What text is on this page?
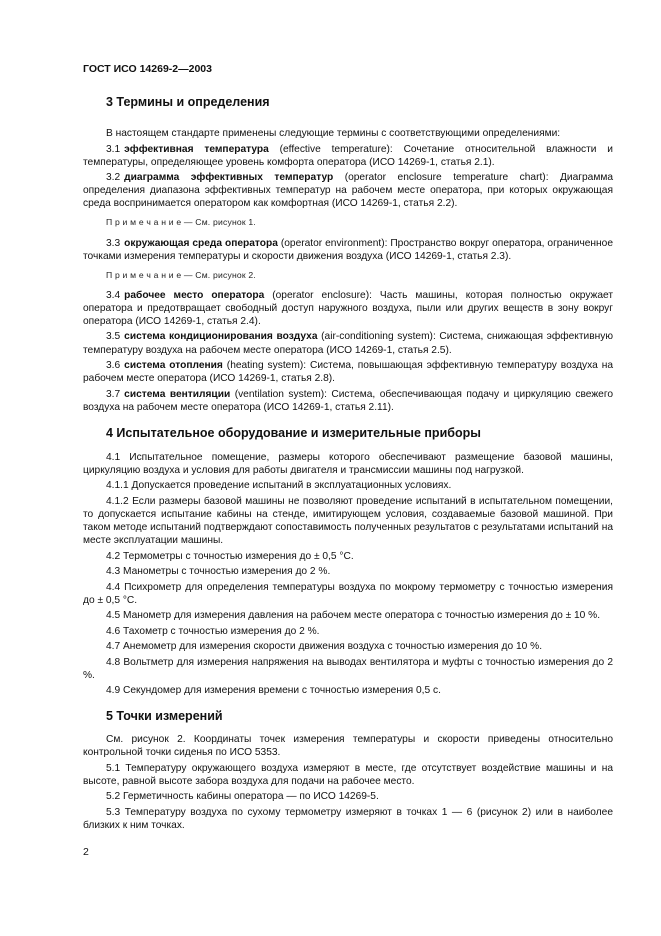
ГОСТ ИСО 14269-2—2003
3 Термины и определения

В настоящем стандарте применены следующие термины с соответствующими определениями:

3.1 эффективная температура (effective temperature): Сочетание относительной влажности и температуры, определяющее уровень комфорта оператора (ИСО 14269-1, статья 2.1).

3.2 диаграмма эффективных температур (operator enclosure temperature chart): Диаграмма определения диапазона эффективных температур на рабочем месте оператора, при которых окружающая среда воспринимается оператором как комфортная (ИСО 14269-1, статья 2.2).

П р и м е ч а н и е — См. рисунок 1.

3.3 окружающая среда оператора (operator environment): Пространство вокруг оператора, ограниченное точками измерения температуры и скорости движения воздуха (ИСО 14269-1, статья 2.3).

П р и м е ч а н и е — См. рисунок 2.

3.4 рабочее место оператора (operator enclosure): Часть машины, которая полностью окружает оператора и предотвращает свободный доступ наружного воздуха, пыли или других веществ в зону вокруг оператора (ИСО 14269-1, статья 2.4).

3.5 система кондиционирования воздуха (air-conditioning system): Система, снижающая эффективную температуру воздуха на рабочем месте оператора (ИСО 14269-1, статья 2.5).

3.6 система отопления (heating system): Система, повышающая эффективную температуру воздуха на рабочем месте оператора (ИСО 14269-1, статья 2.8).

3.7 система вентиляции (ventilation system): Система, обеспечивающая подачу и циркуляцию свежего воздуха на рабочем месте оператора (ИСО 14269-1, статья 2.11).

4 Испытательное оборудование и измерительные приборы

4.1 Испытательное помещение, размеры которого обеспечивают размещение базовой машины, циркуляцию воздуха и условия для работы двигателя и трансмиссии машины под нагрузкой.

4.1.1 Допускается проведение испытаний в эксплуатационных условиях.

4.1.2 Если размеры базовой машины не позволяют проведение испытаний в испытательном помещении, то допускается испытание кабины на стенде, имитирующем условия, создаваемые базовой машиной. При таком методе испытаний подтверждают сопоставимость полученных результатов с результатами испытаний на месте эксплуатации машины.

4.2 Термометры с точностью измерения до ± 0,5 °С.

4.3 Манометры с точностью измерения до 2 %.

4.4 Психрометр для определения температуры воздуха по мокрому термометру с точностью измерения до ± 0,5 °С.

4.5 Манометр для измерения давления на рабочем месте оператора с точностью измерения до ± 10 %.

4.6 Тахометр с точностью измерения до 2 %.

4.7 Анемометр для измерения скорости движения воздуха с точностью измерения до 10 %.

4.8 Вольтметр для измерения напряжения на выводах вентилятора и муфты с точностью измерения до 2 %.

4.9 Секундомер для измерения времени с точностью измерения 0,5 с.

5 Точки измерений

См. рисунок 2. Координаты точек измерения температуры и скорости приведены относительно контрольной точки сиденья по ИСО 5353.

5.1 Температуру окружающего воздуха измеряют в месте, где отсутствует воздействие машины и на высоте, равной высоте забора воздуха для подачи на рабочее место.

5.2 Герметичность кабины оператора — по ИСО 14269-5.

5.3 Температуру воздуха по сухому термометру измеряют в точках 1 — 6 (рисунок 2) или в наиболее близких к ним точках.

2
